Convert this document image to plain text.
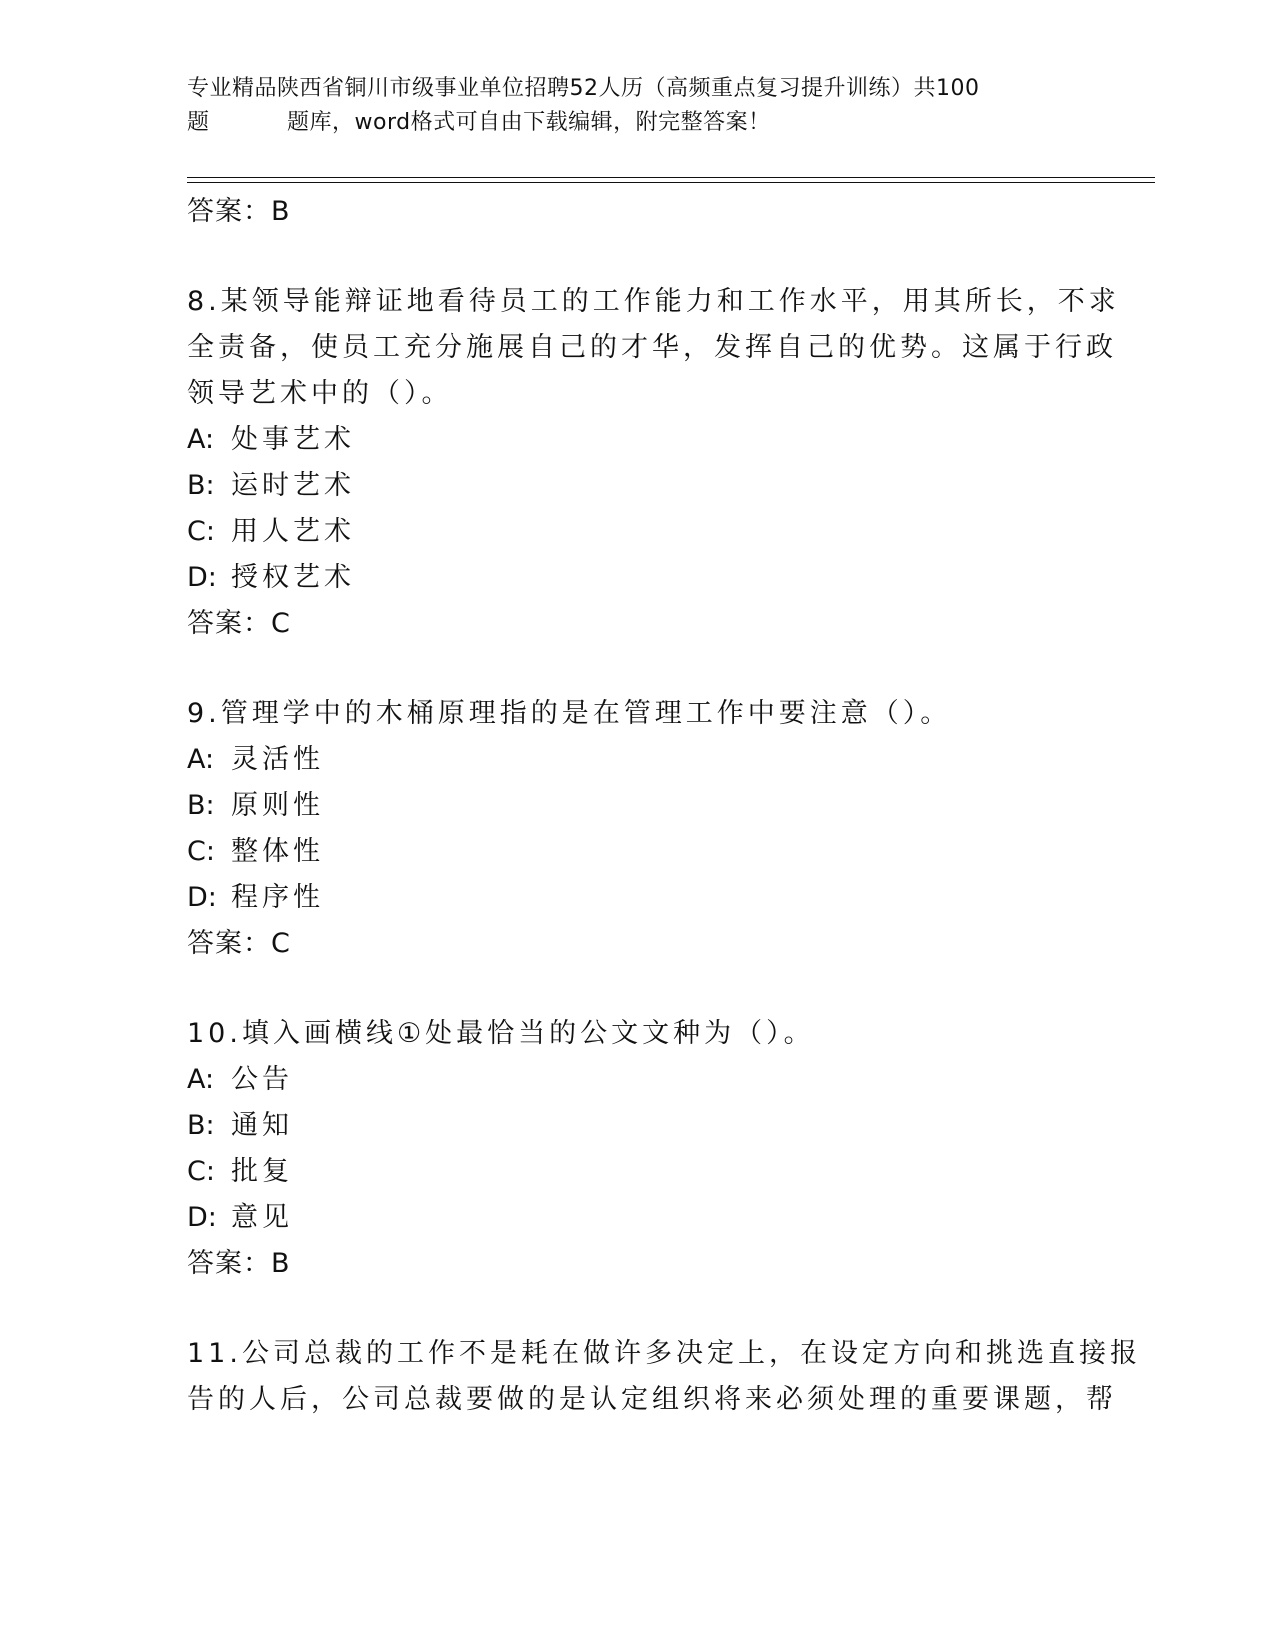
专业精品陕西省铜川市级事业单位招聘52人历（高频重点复习提升训练）共100
题	题库，word格式可自由下载编辑，附完整答案！
答案：B
8.某领导能辩证地看待员工的工作能力和工作水平，用其所长，不求
全责备，使员工充分施展自己的才华，发挥自己的优势。这属于行政
领导艺术中的（）。
A: 处事艺术
B: 运时艺术
C: 用人艺术
D: 授权艺术
答案：C
9.管理学中的木桶原理指的是在管理工作中要注意（）。
A: 灵活性
B: 原则性
C: 整体性
D: 程序性
答案：C
10.填入画横线①处最恰当的公文文种为（）。
A: 公告
B: 通知
C: 批复
D: 意见
答案：B
11.公司总裁的工作不是耗在做许多决定上，在设定方向和挑选直接报
告的人后，公司总裁要做的是认定组织将来必须处理的重要课题，帮
